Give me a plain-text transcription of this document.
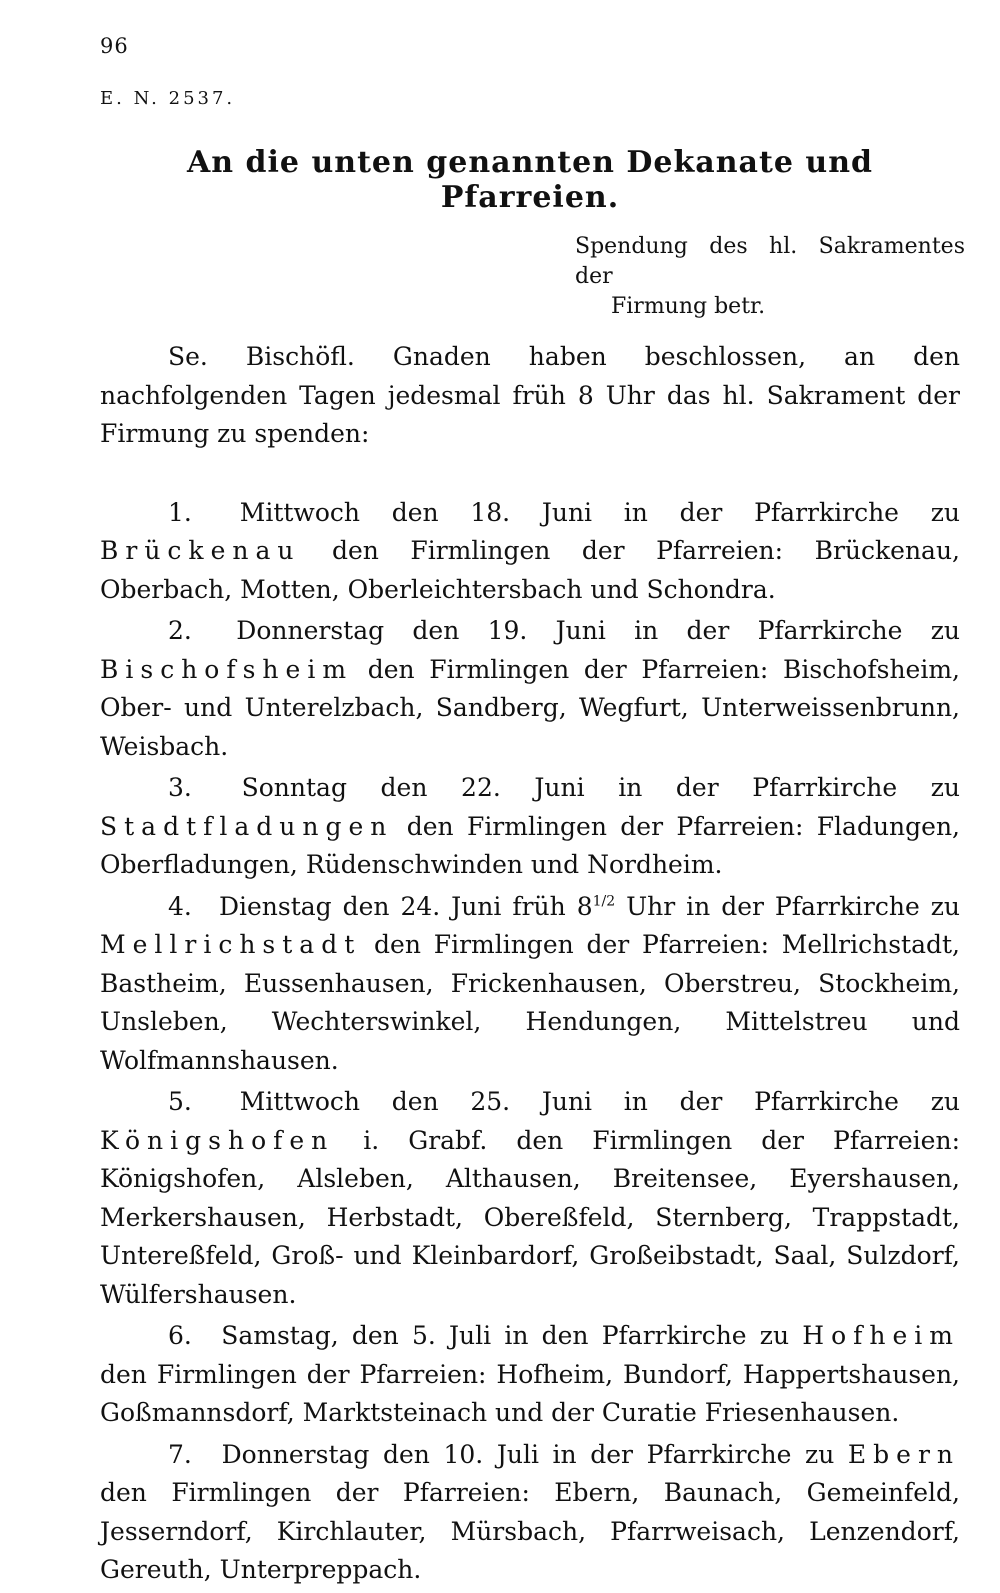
96
E. N. 2537.
An die unten genannten Dekanate und Pfarreien.
Spendung des hl. Sakramentes der
Firmung betr.

Se. Bischöfl. Gnaden haben beschlossen, an den nachfolgenden Tagen jedesmal früh 8 Uhr das hl. Sakrament der Firmung zu spenden:

1. Mittwoch den 18. Juni in der Pfarrkirche zu Brückenau den Firmlingen der Pfarreien: Brückenau, Oberbach, Motten, Oberleichtersbach und Schondra.
2. Donnerstag den 19. Juni in der Pfarrkirche zu Bischofsheim den Firmlingen der Pfarreien: Bischofsheim, Ober- und Unterelzbach, Sandberg, Wegfurt, Unterweissenbrunn, Weisbach.
3. Sonntag den 22. Juni in der Pfarrkirche zu Stadtfladungen den Firmlingen der Pfarreien: Fladungen, Oberfladungen, Rüdenschwinden und Nordheim.
4. Dienstag den 24. Juni früh $8^{1/2}$ Uhr in der Pfarrkirche zu Mellrichstadt den Firmlingen der Pfarreien: Mellrichstadt, Bastheim, Eussenhausen, Frickenhausen, Oberstreu, Stockheim, Unsleben, Wechterswinkel, Hendungen, Mittelstreu und Wolfmannshausen.
5. Mittwoch den 25. Juni in der Pfarrkirche zu Königshofen i. Grabf. den Firmlingen der Pfarreien: Königshofen, Alsleben, Althausen, Breitensee, Eyershausen, Merkershausen, Herbstadt, Obereßfeld, Sternberg, Trappstadt, Untereßfeld, Groß- und Kleinbardorf, Großeibstadt, Saal, Sulzdorf, Wülfershausen.
6. Samstag, den 5. Juli in den Pfarrkirche zu Hofheim den Firmlingen der Pfarreien: Hofheim, Bundorf, Happertshausen, Goßmannsdorf, Marktsteinach und der Curatie Friesenhausen.
7. Donnerstag den 10. Juli in der Pfarrkirche zu Ebern den Firmlingen der Pfarreien: Ebern, Baunach, Gemeinfeld, Jesserndorf, Kirchlauter, Mürsbach, Pfarrweisach, Lenzendorf, Gereuth, Unterpreppach.
